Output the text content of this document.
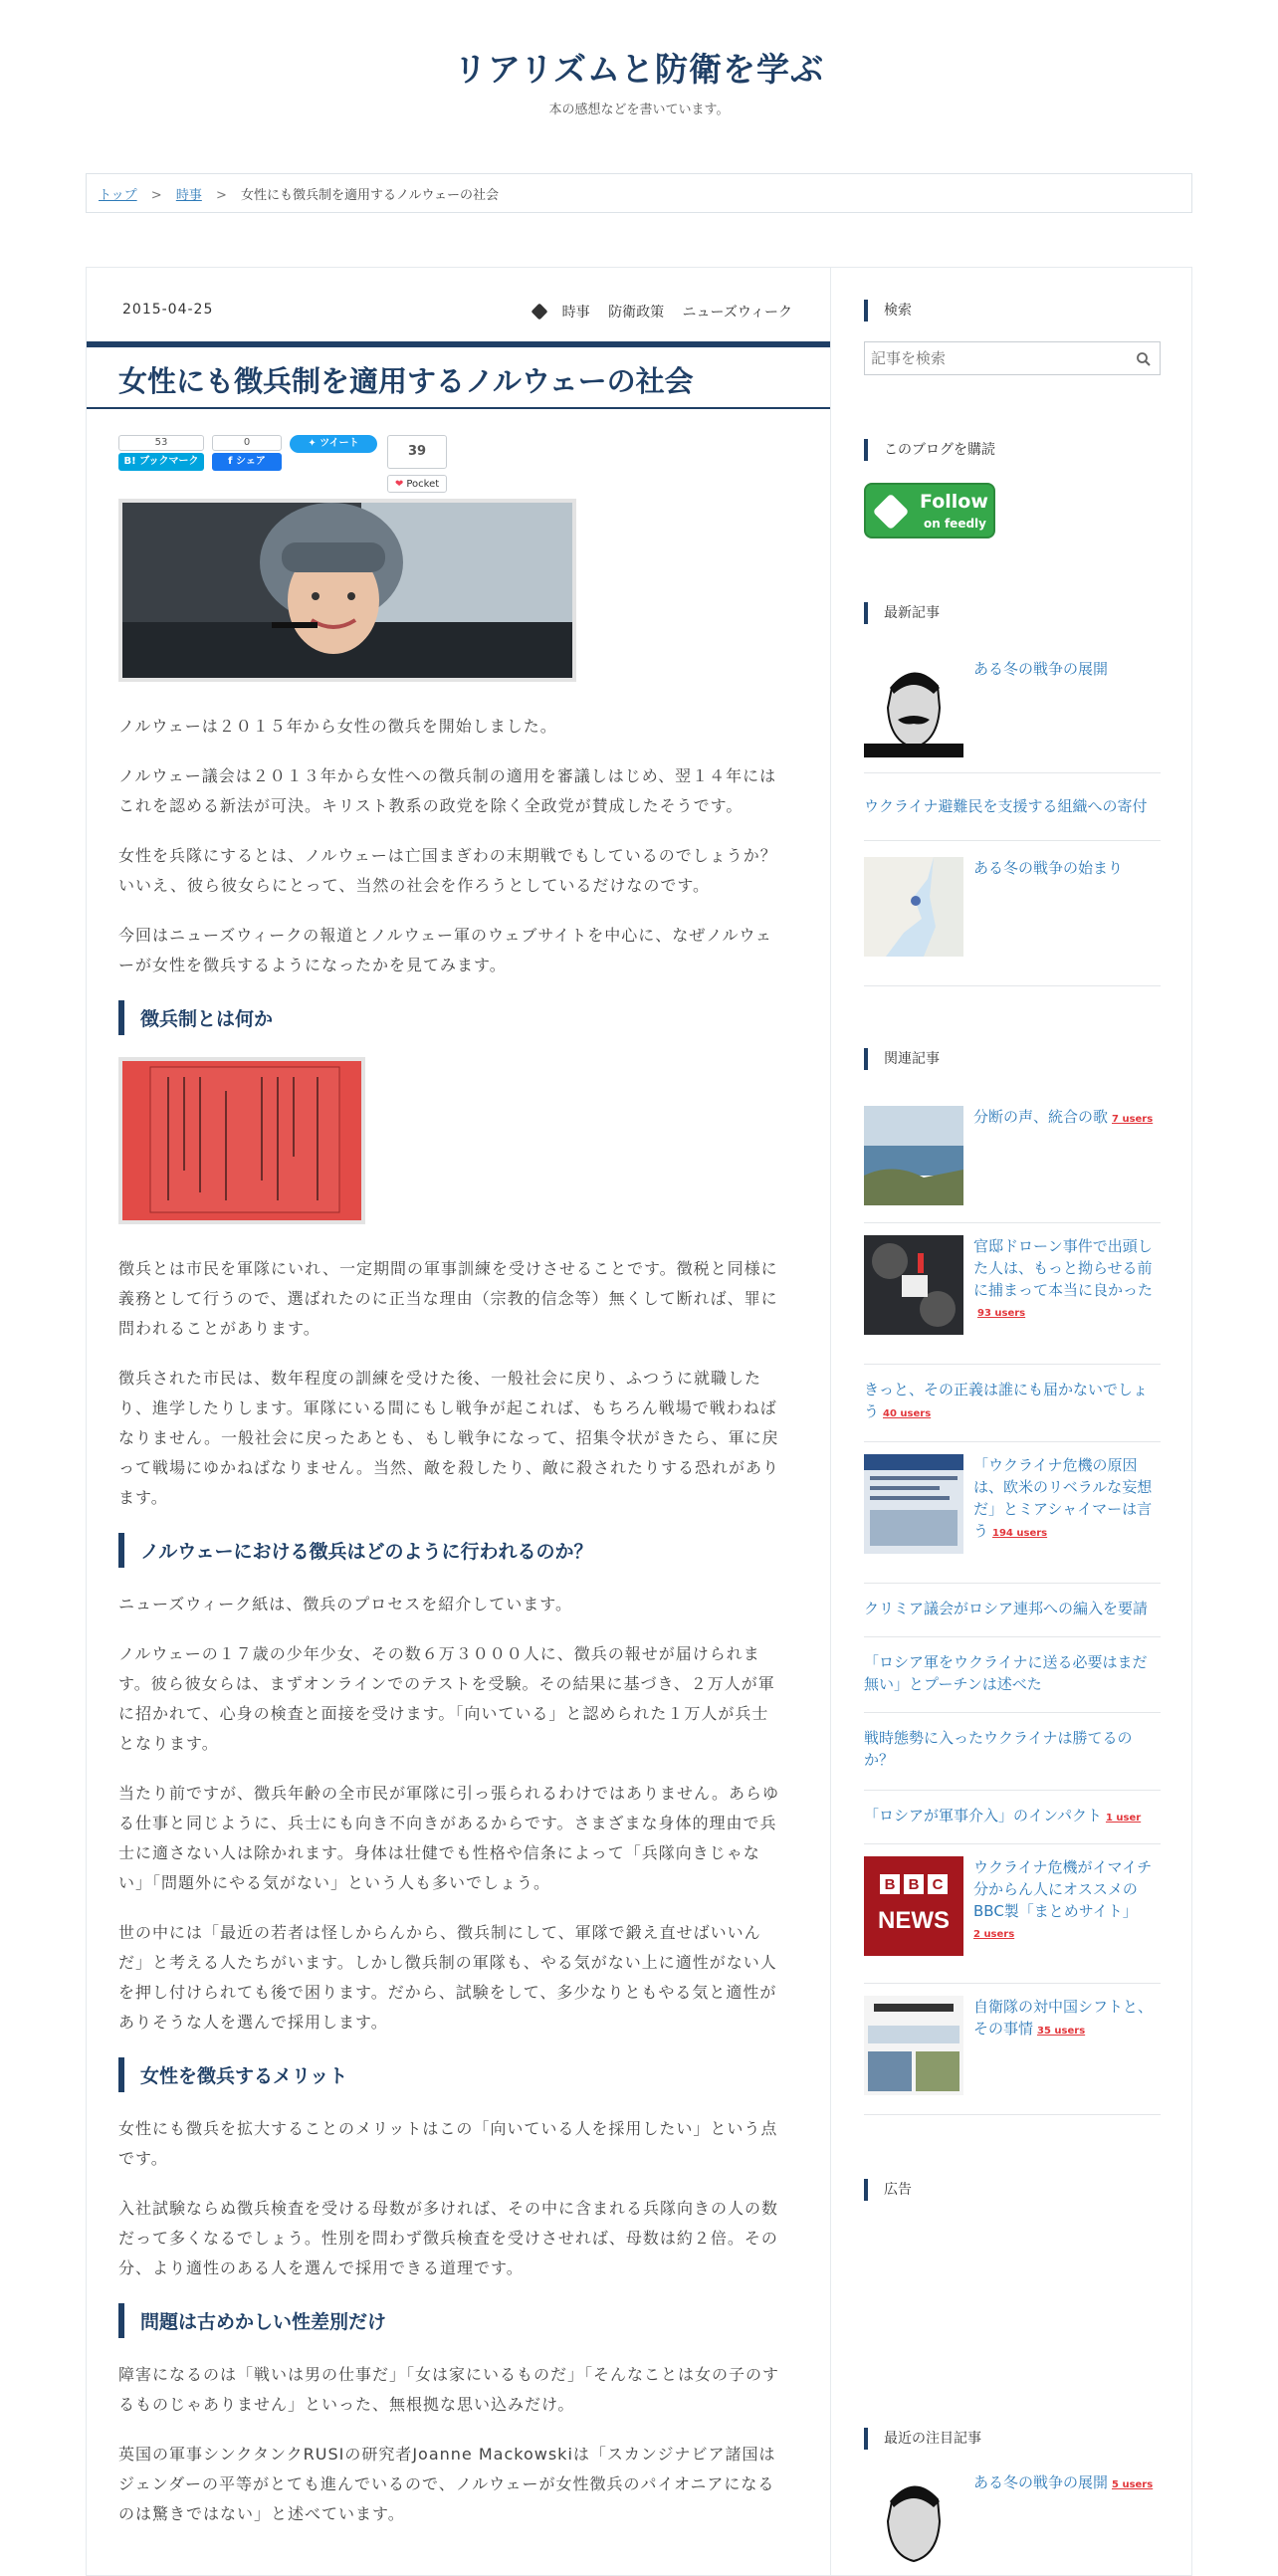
リアリズムと防衛を学ぶ
本の感想などを書いています。
トップ > 時事 > 女性にも徴兵制を適用するノルウェーの社会
2015-04-25	時事 防衛政策 ニューズウィーク
女性にも徴兵制を適用するノルウェーの社会
53
B! ブックマーク
0
f シェア
✦ ツイート
39
❤ Pocket

ノルウェーは２０１５年から女性の徴兵を開始しました。

ノルウェー議会は２０１３年から女性への徴兵制の適用を審議しはじめ、翌１４年にはこれを認める新法が可決。キリスト教系の政党を除く全政党が賛成したそうです。

女性を兵隊にするとは、ノルウェーは亡国まぎわの末期戦でもしているのでしょうか？　いいえ、彼ら彼女らにとって、当然の社会を作ろうとしているだけなのです。

今回はニューズウィークの報道とノルウェー軍のウェブサイトを中心に、なぜノルウェーが女性を徴兵するようになったかを見てみます。

徴兵制とは何か

徴兵とは市民を軍隊にいれ、一定期間の軍事訓練を受けさせることです。徴税と同様に義務として行うので、選ばれたのに正当な理由（宗教的信念等）無くして断れば、罪に問われることがあります。

徴兵された市民は、数年程度の訓練を受けた後、一般社会に戻り、ふつうに就職したり、進学したりします。軍隊にいる間にもし戦争が起これば、もちろん戦場で戦わねばなりません。一般社会に戻ったあとも、もし戦争になって、招集令状がきたら、軍に戻って戦場にゆかねばなりません。当然、敵を殺したり、敵に殺されたりする恐れがあります。

ノルウェーにおける徴兵はどのように行われるのか？

ニューズウィーク紙は、徴兵のプロセスを紹介しています。

ノルウェーの１７歳の少年少女、その数６万３０００人に、徴兵の報せが届けられます。彼ら彼女らは、まずオンラインでのテストを受験。その結果に基づき、２万人が軍に招かれて、心身の検査と面接を受けます。「向いている」と認められた１万人が兵士となります。

当たり前ですが、徴兵年齢の全市民が軍隊に引っ張られるわけではありません。あらゆる仕事と同じように、兵士にも向き不向きがあるからです。さまざまな身体的理由で兵士に適さない人は除かれます。身体は壮健でも性格や信条によって「兵隊向きじゃない」「問題外にやる気がない」という人も多いでしょう。

世の中には「最近の若者は怪しからんから、徴兵制にして、軍隊で鍛え直せばいいんだ」と考える人たちがいます。しかし徴兵制の軍隊も、やる気がない上に適性がない人を押し付けられても後で困ります。だから、試験をして、多少なりともやる気と適性がありそうな人を選んで採用します。

女性を徴兵するメリット

女性にも徴兵を拡大することのメリットはこの「向いている人を採用したい」という点です。

入社試験ならぬ徴兵検査を受ける母数が多ければ、その中に含まれる兵隊向きの人の数だって多くなるでしょう。性別を問わず徴兵検査を受けさせれば、母数は約２倍。その分、より適性のある人を選んで採用できる道理です。

問題は古めかしい性差別だけ

障害になるのは「戦いは男の仕事だ」「女は家にいるものだ」「そんなことは女の子のするものじゃありません」といった、無根拠な思い込みだけ。

英国の軍事シンクタンクRUSIの研究者Joanne Mackowskiは「スカンジナビア諸国はジェンダーの平等がとても進んでいるので、ノルウェーが女性徴兵のパイオニアになるのは驚きではない」と述べています。

検索
記事を検索
このブログを購読
Follow
on feedly
最新記事
ある冬の戦争の展開
ウクライナ避難民を支援する組織への寄付
ある冬の戦争の始まり
関連記事
分断の声、統合の歌 7 users
官邸ドローン事件で出頭した人は、もっと拗らせる前に捕まって本当に良かった93 users
きっと、その正義は誰にも届かないでしょう 40 users
「ウクライナ危機の原因は、欧米のリベラルな妄想だ」とミアシャイマーは言う 194 users
クリミア議会がロシア連邦への編入を要請
「ロシア軍をウクライナに送る必要はまだ無い」とプーチンは述べた
戦時態勢に入ったウクライナは勝てるのか？
「ロシアが軍事介入」のインパクト 1 user
B B C
NEWS
ウクライナ危機がイマイチ分からん人にオススメの BBC製「まとめサイト」
2 users
自衛隊の対中国シフトと、その事情 35 users
広告
最近の注目記事
ある冬の戦争の展開 5 users
